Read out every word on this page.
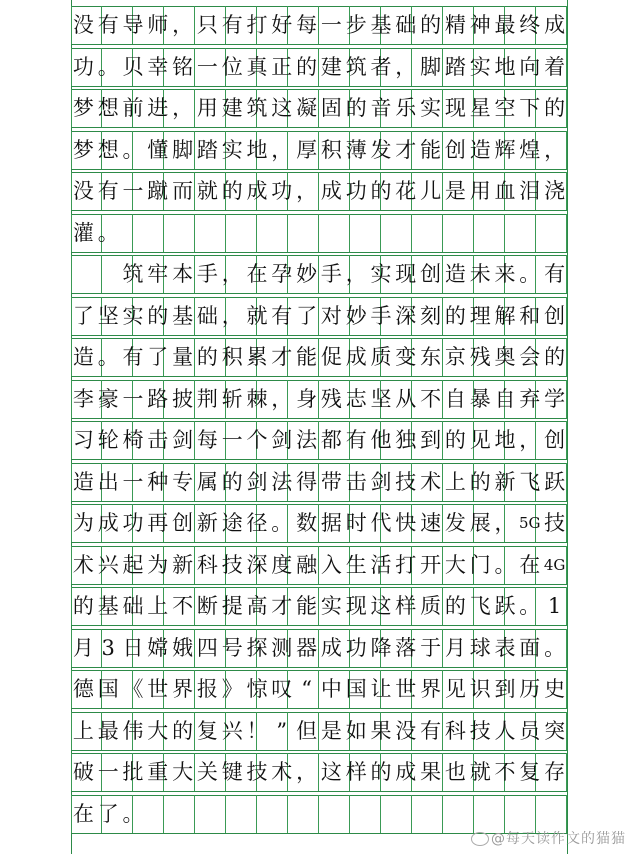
没 有 导 师 ， 只 有 打 好 每 一 步 基 础 的 精 神 最 终 成
功 。 贝 幸 铭 一 位 真 正 的 建 筑 者 ， 脚 踏 实 地 向 着
梦 想 前 进 ， 用 建 筑 这 凝 固 的 音 乐 实 现 星 空 下 的
梦 想 。 懂 脚 踏 实 地 ， 厚 积 薄 发 才 能 创 造 辉 煌 ，
没 有 一 蹴 而 就 的 成 功 ， 成 功 的 花 儿 是 用 血 泪 浇
灌 。
筑 牢 本 手 ， 在 孕 妙 手 ， 实 现 创 造 未 来 。 有
了 坚 实 的 基 础 ， 就 有 了 对 妙 手 深 刻 的 理 解 和 创
造 。 有 了 量 的 积 累 才 能 促 成 质 变 东 京 残 奥 会 的
李 豪 一 路 披 荆 斩 棘 ， 身 残 志 坚 从 不 自 暴 自 弃 学
习 轮 椅 击 剑 每 一 个 剑 法 都 有 他 独 到 的 见 地 ， 创
造 出 一 种 专 属 的 剑 法 得 带 击 剑 技 术 上 的 新 飞 跃
为 成 功 再 创 新 途 径 。 数 据 时 代 快 速 发 展 ， 5G 技
术 兴 起 为 新 科 技 深 度 融 入 生 活 打 开 大 门 。 在 4G
的 基 础 上 不 断 提 高 才 能 实 现 这 样 质 的 飞 跃 。 1
月 3 日 嫦 娥 四 号 探 测 器 成 功 降 落 于 月 球 表 面 。
德 国 《 世 界 报 》 惊 叹 “ 中 国 让 世 界 见 识 到 历 史
上 最 伟 大 的 复 兴 ！ ” 但 是 如 果 没 有 科 技 人 员 突
破 一 批 重 大 关 键 技 术 ， 这 样 的 成 果 也 就 不 复 存
在 了 。
@每天读作文的猫猫
